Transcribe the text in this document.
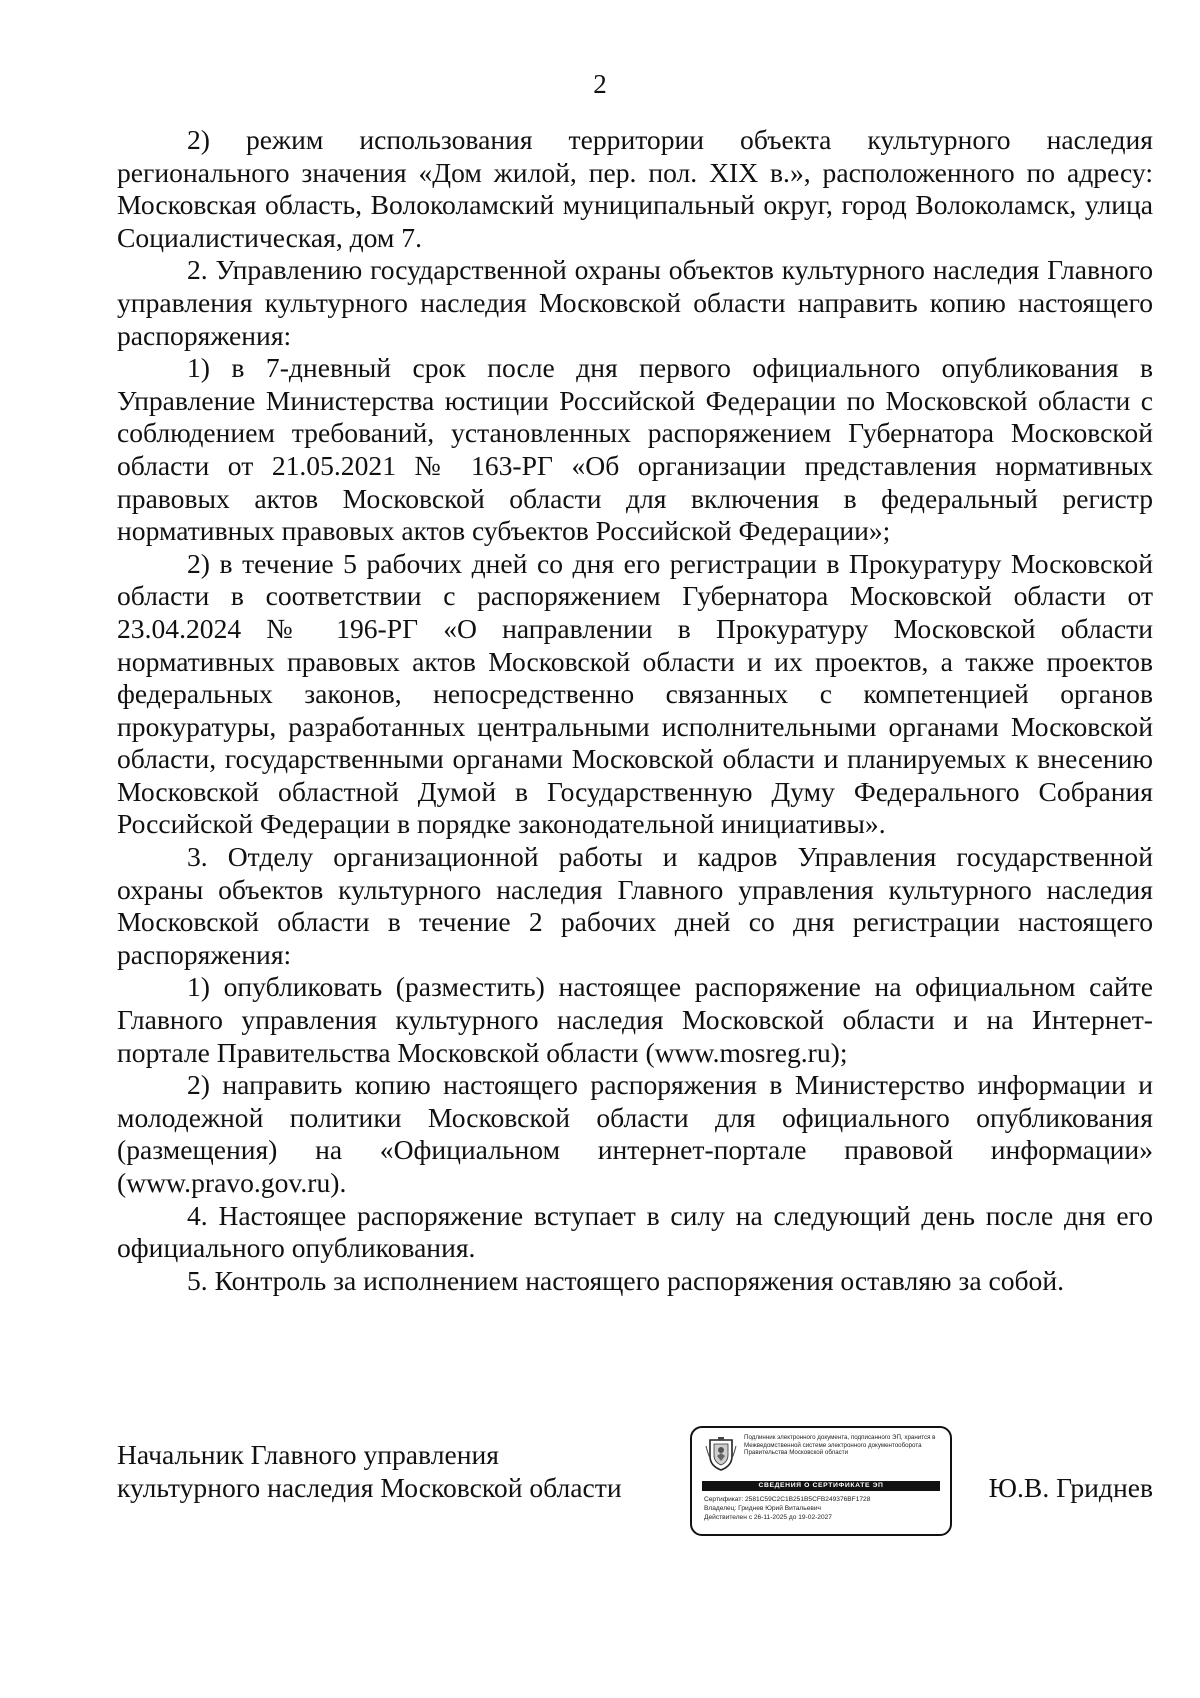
2

2) режим использования территории объекта культурного наследия регионального значения «Дом жилой, пер. пол. XIX в.», расположенного по адресу: Московская область, Волоколамский муниципальный округ, город Волоколамск, улица Социалистическая, дом 7.

2. Управлению государственной охраны объектов культурного наследия Главного управления культурного наследия Московской области направить копию настоящего распоряжения:

1) в 7-дневный срок после дня первого официального опубликования в Управление Министерства юстиции Российской Федерации по Московской области с соблюдением требований, установленных распоряжением Губернатора Московской области от 21.05.2021 № 163-РГ «Об организации представления нормативных правовых актов Московской области для включения в федеральный регистр нормативных правовых актов субъектов Российской Федерации»;

2) в течение 5 рабочих дней со дня его регистрации в Прокуратуру Московской области в соответствии с распоряжением Губернатора Московской области от 23.04.2024 № 196-РГ «О направлении в Прокуратуру Московской области нормативных правовых актов Московской области и их проектов, а также проектов федеральных законов, непосредственно связанных с компетенцией органов прокуратуры, разработанных центральными исполнительными органами Московской области, государственными органами Московской области и планируемых к внесению Московской областной Думой в Государственную Думу Федерального Собрания Российской Федерации в порядке законодательной инициативы».

3. Отделу организационной работы и кадров Управления государственной охраны объектов культурного наследия Главного управления культурного наследия Московской области в течение 2 рабочих дней со дня регистрации настоящего распоряжения:

1) опубликовать (разместить) настоящее распоряжение на официальном сайте Главного управления культурного наследия Московской области и на Интернет-портале Правительства Московской области (www.mosreg.ru);

2) направить копию настоящего распоряжения в Министерство информации и молодежной политики Московской области для официального опубликования (размещения) на «Официальном интернет-портале правовой информации» (www.pravo.gov.ru).

4. Настоящее распоряжение вступает в силу на следующий день после дня его официального опубликования.

5. Контроль за исполнением настоящего распоряжения оставляю за собой.

Начальник Главного управления
культурного наследия Московской области
Подлинник электронного документа, подписанного ЭП, хранится в Межведомственной системе электронного документооборота Правительства Московской области
СВЕДЕНИЯ О СЕРТИФИКАТЕ ЭП
Сертификат: 2581C59C2C1B251B5CFB249376BF1728
Владелец: Гриднев Юрий Витальевич
Действителен с 26-11-2025 до 19-02-2027
Ю.В. Гриднев
